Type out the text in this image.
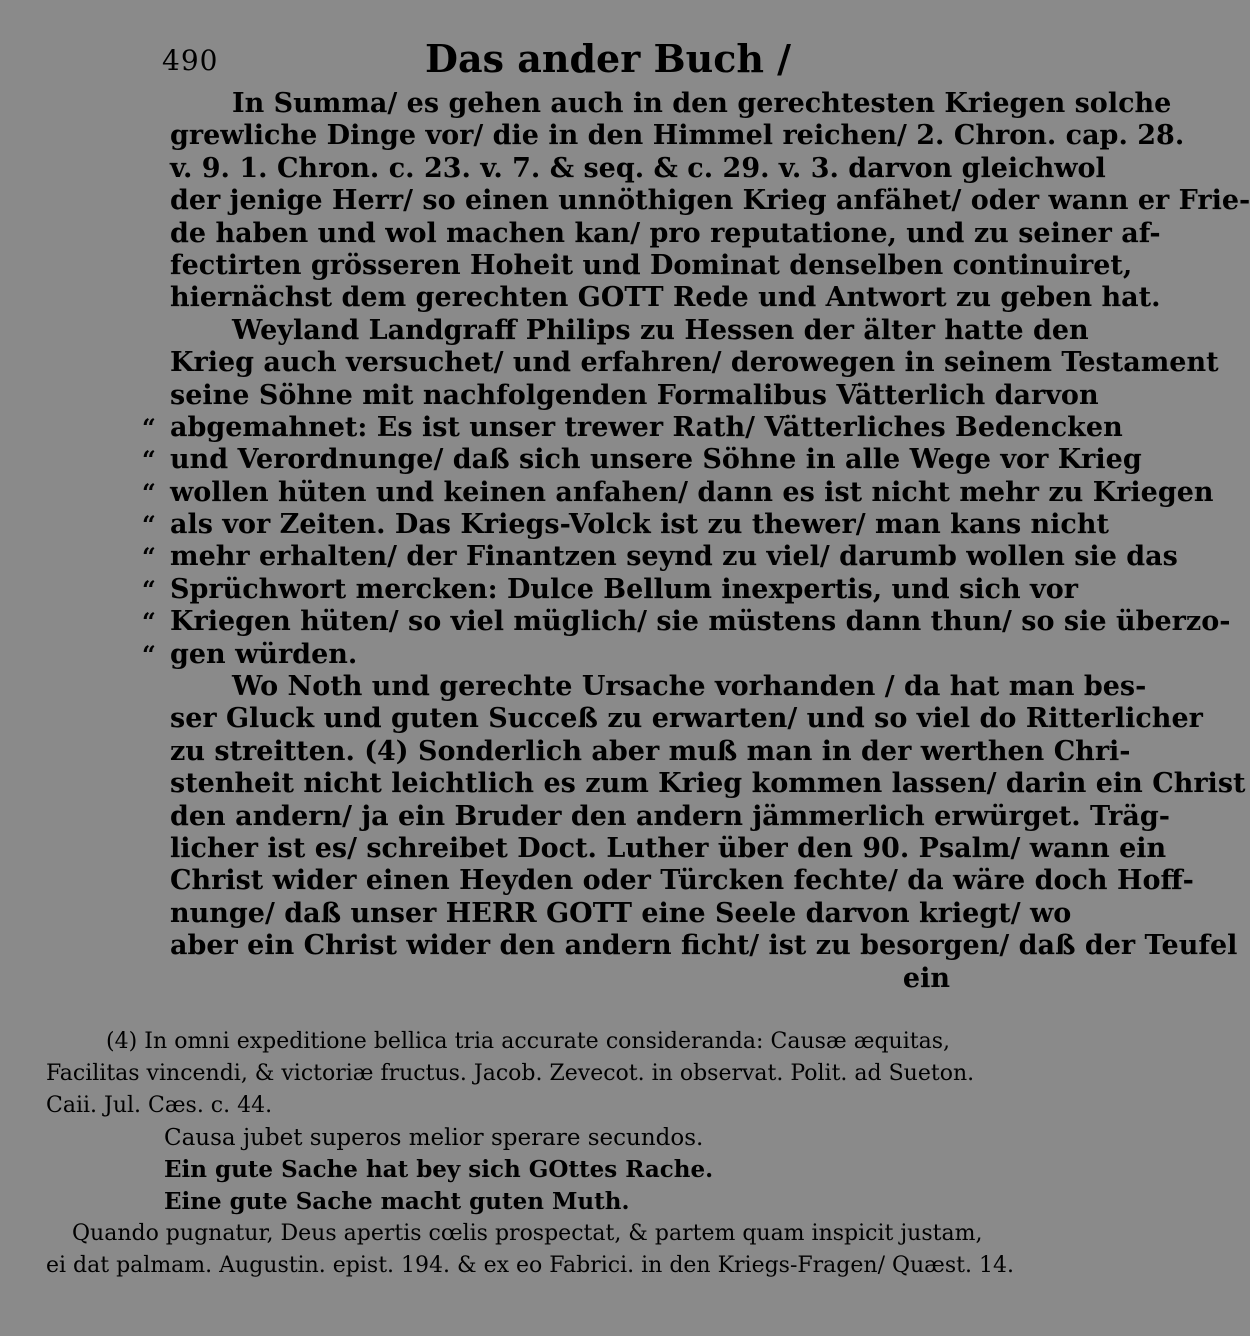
490	Das ander Buch /
In Summa/ es gehen auch in den gerechtesten Kriegen solche
grewliche Dinge vor/ die in den Himmel reichen/ 2. Chron. cap. 28.
v. 9. 1. Chron. c. 23. v. 7. & seq. & c. 29. v. 3. darvon gleichwol
der jenige Herr/ so einen unnöthigen Krieg anfähet/ oder wann er Frie-
de haben und wol machen kan/ pro reputatione, und zu seiner af-
fectirten grösseren Hoheit und Dominat denselben continuiret,
hiernächst dem gerechten GOTT Rede und Antwort zu geben hat.
Weyland Landgraff Philips zu Hessen der älter hatte den
Krieg auch versuchet/ und erfahren/ derowegen in seinem Testament
seine Söhne mit nachfolgenden Formalibus Vätterlich darvon
“ abgemahnet: Es ist unser trewer Rath/ Vätterliches Bedencken
“ und Verordnunge/ daß sich unsere Söhne in alle Wege vor Krieg
“ wollen hüten und keinen anfahen/ dann es ist nicht mehr zu Kriegen
“ als vor Zeiten. Das Kriegs-Volck ist zu thewer/ man kans nicht
“ mehr erhalten/ der Finantzen seynd zu viel/ darumb wollen sie das
“ Sprüchwort mercken: Dulce Bellum inexpertis, und sich vor
“ Kriegen hüten/ so viel müglich/ sie müstens dann thun/ so sie überzo-
“ gen würden.
Wo Noth und gerechte Ursache vorhanden / da hat man bes-
ser Gluck und guten Succeß zu erwarten/ und so viel do Ritterlicher
zu streitten. (4) Sonderlich aber muß man in der werthen Chri-
stenheit nicht leichtlich es zum Krieg kommen lassen/ darin ein Christ
den andern/ ja ein Bruder den andern jämmerlich erwürget. Träg-
licher ist es/ schreibet Doct. Luther über den 90. Psalm/ wann ein
Christ wider einen Heyden oder Türcken fechte/ da wäre doch Hoff-
nunge/ daß unser HERR GOTT eine Seele darvon kriegt/ wo
aber ein Christ wider den andern ficht/ ist zu besorgen/ daß der Teufel
ein
(4) In omni expeditione bellica tria accurate consideranda: Causæ æquitas,
Facilitas vincendi, & victoriæ fructus. Jacob. Zevecot. in observat. Polit. ad Sueton.
Caii. Jul. Cæs. c. 44.
Causa jubet superos melior sperare secundos.
Ein gute Sache hat bey sich GOttes Rache.
Eine gute Sache macht guten Muth.
Quando pugnatur, Deus apertis cœlis prospectat, & partem quam inspicit justam,
ei dat palmam. Augustin. epist. 194. & ex eo Fabrici. in den Kriegs-Fragen/ Quæst. 14.
